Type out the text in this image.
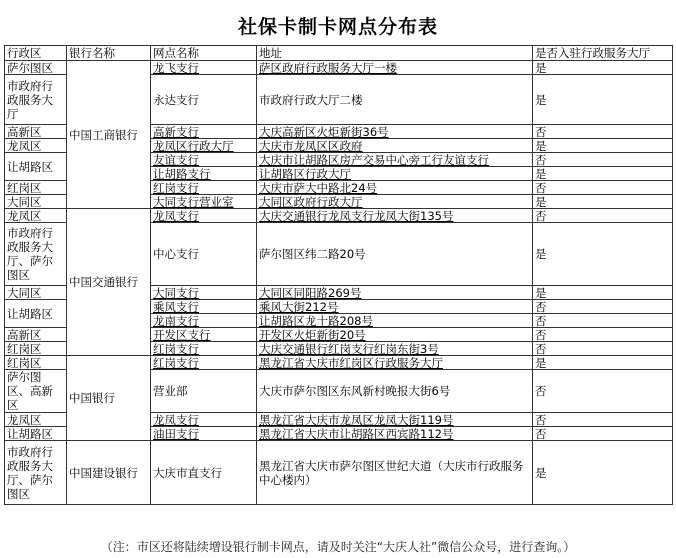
社保卡制卡网点分布表
行政区	银行名称	网点名称	地址	是否入驻行政服务大厅
萨尔图区	中国工商银行	龙飞支行	萨区政府行政服务大厅一楼	是
市政府行政服务大厅		永达支行	市政府行政大厅二楼	是
高新区		高新支行	大庆高新区火炬新街36号	否
龙凤区		龙凤区行政大厅	大庆市龙凤区区政府	是
让胡路区		友谊支行	大庆市让胡路区房产交易中心旁工行友谊支行	否
		让胡路支行	让胡路区行政大厅	是
红岗区		红岗支行	大庆市萨大中路北24号	否
大同区		大同支行营业室	大同区政府行政大厅	是
龙凤区	中国交通银行	龙凤支行	大庆交通银行龙凤支行龙凤大街135号	否
市政府行政服务大厅、萨尔图区		中心支行	萨尔图区纬二路20号	是
大同区		大同支行	大同区同阳路269号	是
让胡路区		乘风支行	乘风大街212号	否
		龙南支行	让胡路区龙十路208号	否
高新区		开发区支行	开发区火炬新街20号	否
红岗区		红岗支行	大庆交通银行红岗支行红岗东街3号	否
红岗区	中国银行	红岗支行	黑龙江省大庆市红岗区行政服务大厅	是
萨尔图区、高新区		营业部	大庆市萨尔图区东风新村晚报大街6号	否
龙凤区		龙凤支行	黑龙江省大庆市龙凤区龙凤大街119号	否
让胡路区		油田支行	黑龙江省大庆市让胡路区西宾路112号	否
市政府行政服务大厅、萨尔图区	中国建设银行	大庆市直支行	黑龙江省大庆市萨尔图区世纪大道（大庆市行政服务中心楼内）	是
（注：市区还将陆续增设银行制卡网点，请及时关注“大庆人社”微信公众号，进行查询。）
